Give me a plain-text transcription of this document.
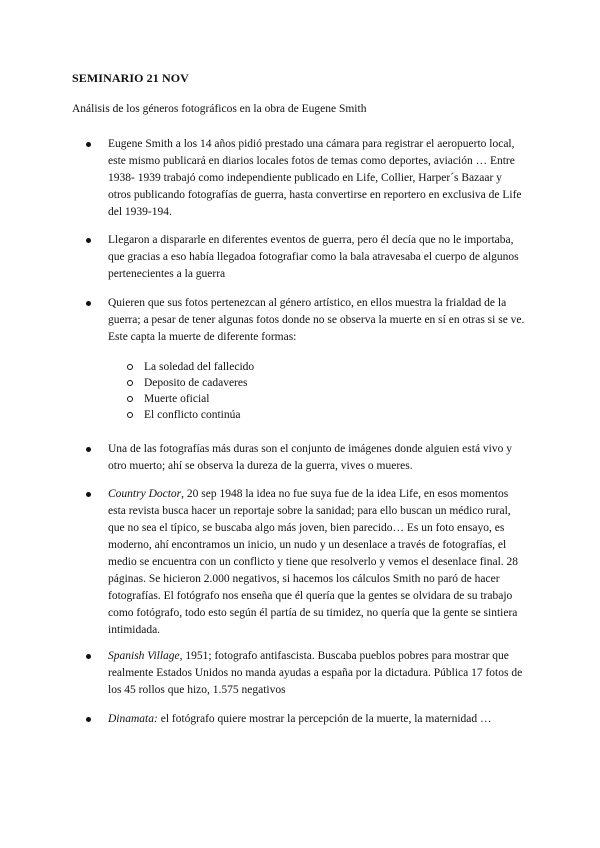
SEMINARIO 21 NOV
Análisis de los géneros fotográficos en la obra de Eugene Smith
Eugene Smith a los 14 años pidió prestado una cámara para registrar el aeropuerto local, este mismo publicará en diarios locales fotos de temas como deportes, aviación … Entre 1938- 1939 trabajó como independiente publicado en Life, Collier, Harper´s Bazaar y otros publicando fotografías de guerra, hasta convertirse en reportero en exclusiva de Life del 1939-194.
Llegaron a dispararle en diferentes eventos de guerra, pero él decía que no le importaba, que gracias a eso había llegadoa fotografiar como la bala atravesaba el cuerpo de algunos pertenecientes a la guerra
Quieren que sus fotos pertenezcan al género artístico, en ellos muestra la frialdad de la guerra; a pesar de tener algunas fotos donde no se observa la muerte en sí en otras si se ve. Este capta la muerte de diferente formas:
Una de las fotografías más duras son el conjunto de imágenes donde alguien está vivo y otro muerto; ahí se observa la dureza de la guerra, vives o mueres.
Country Doctor, 20 sep 1948 la idea no fue suya fue de la idea Life, en esos momentos esta revista busca hacer un reportaje sobre la sanidad; para ello buscan un médico rural, que no sea el típico, se buscaba algo más joven, bien parecido… Es un foto ensayo, es moderno, ahí encontramos un inicio, un nudo y un desenlace a través de fotografías, el medio se encuentra con un conflicto y tiene que resolverlo y vemos el desenlace final. 28 páginas. Se hicieron 2.000 negativos, si hacemos los cálculos Smith no paró de hacer fotografías. El fotógrafo nos enseña que él quería que la gentes se olvidara de su trabajo como fotógrafo, todo esto según él partía de su timidez, no quería que la gente se sintiera intimidada.
Spanish Village, 1951; fotografo antifascista. Buscaba pueblos pobres para mostrar que realmente Estados Unidos no manda ayudas a españa por la dictadura. Pública 17 fotos de los 45 rollos que hizo, 1.575 negativos
Dinamata: el fotógrafo quiere mostrar la percepción de la muerte, la maternidad …
La soledad del fallecido
Deposito de cadaveres
Muerte oficial
El conflicto continúa
